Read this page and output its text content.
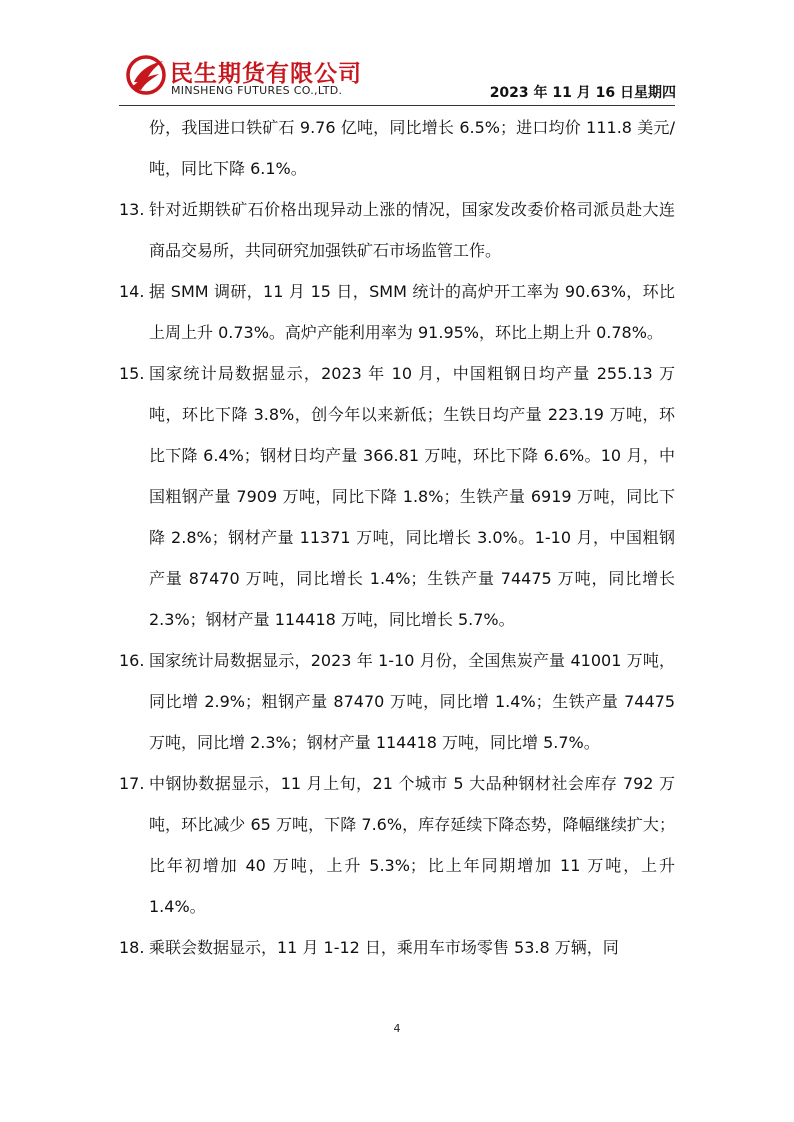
民生期货有限公司
MINSHENG FUTURES CO.,LTD.	2023 年 11 月 16 日星期四

份，我国进口铁矿石 9.76 亿吨，同比增长 6.5%；进口均价 111.8 美元/吨，同比下降 6.1%。

13. 针对近期铁矿石价格出现异动上涨的情况，国家发改委价格司派员赴大连商品交易所，共同研究加强铁矿石市场监管工作。

14. 据 SMM 调研，11 月 15 日，SMM 统计的高炉开工率为 90.63%，环比上周上升 0.73%。高炉产能利用率为 91.95%，环比上期上升 0.78%。

15. 国家统计局数据显示，2023 年 10 月，中国粗钢日均产量 255.13 万吨，环比下降 3.8%，创今年以来新低；生铁日均产量 223.19 万吨，环比下降 6.4%；钢材日均产量 366.81 万吨，环比下降 6.6%。10 月，中国粗钢产量 7909 万吨，同比下降 1.8%；生铁产量 6919 万吨，同比下降 2.8%；钢材产量 11371 万吨，同比增长 3.0%。1-10 月，中国粗钢产量 87470 万吨，同比增长 1.4%；生铁产量 74475 万吨，同比增长 2.3%；钢材产量 114418 万吨，同比增长 5.7%。

16. 国家统计局数据显示，2023 年 1-10 月份，全国焦炭产量 41001 万吨，同比增 2.9%；粗钢产量 87470 万吨，同比增 1.4%；生铁产量 74475 万吨，同比增 2.3%；钢材产量 114418 万吨，同比增 5.7%。

17. 中钢协数据显示，11 月上旬，21 个城市 5 大品种钢材社会库存 792 万吨，环比减少 65 万吨，下降 7.6%，库存延续下降态势，降幅继续扩大；比年初增加 40 万吨，上升 5.3%；比上年同期增加 11 万吨，上升 1.4%。

18. 乘联会数据显示，11 月 1-12 日，乘用车市场零售 53.8 万辆，同

4
